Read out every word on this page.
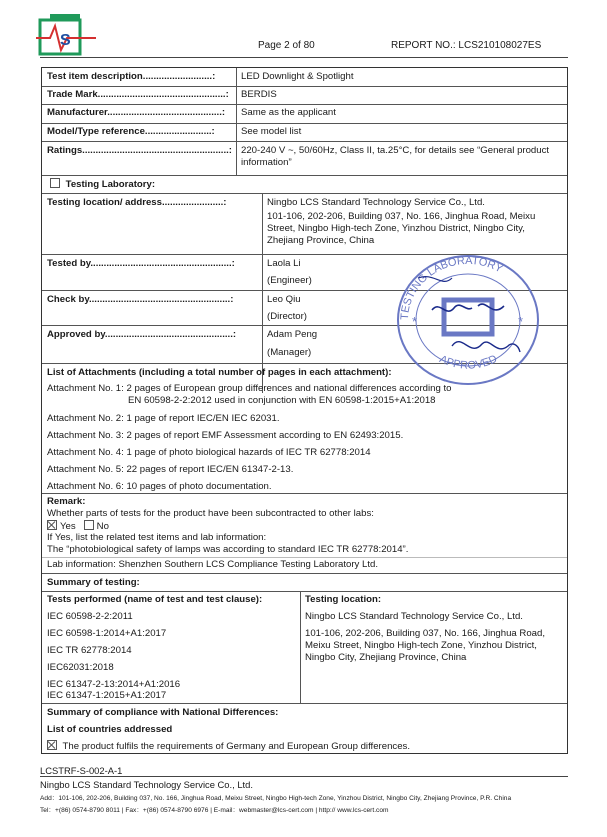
S	Page 2 of 80	REPORT NO.: LCS210108027ES
Test item description..........................:	LED Downlight & Spotlight
Trade Mark................................................: BERDIS
Manufacturer...........................................: Same as the applicant
Model/Type reference.........................:	See model list
Ratings.......................................................: 220-240 V ~, 50/60Hz, Class II, ta.25°C, for details see “General product information”
Testing Laboratory:
Testing location/ address.......................:	Ningbo LCS Standard Technology Service Co., Ltd.
101-106, 202-206, Building 037, No. 166, Jinghua Road, Meixu Street, Ningbo High-tech Zone, Yinzhou District, Ningbo City, Zhejiang Province, China
Tested by.....................................................:	Laola Li
(Engineer)
Check by.....................................................:	Leo Qiu
(Director)
Approved by................................................:	Adam Peng
(Manager)
List of Attachments (including a total number of pages in each attachment):
Attachment No. 1: 2 pages of European group differences and national differences according to
EN 60598-2-2:2012 used in conjunction with EN 60598-1:2015+A1:2018
Attachment No. 2: 1 page of report IEC/EN IEC 62031.
Attachment No. 3: 2 pages of report EMF Assessment according to EN 62493:2015.
Attachment No. 4: 1 page of photo biological hazards of IEC TR 62778:2014
Attachment No. 5: 22 pages of report IEC/EN 61347-2-13.
Attachment No. 6: 10 pages of photo documentation.
Remark:
Whether parts of tests for the product have been subcontracted to other labs:
Yes No
If Yes, list the related test items and lab information:
The “photobiological safety of lamps was according to standard IEC TR 62778:2014”.
Lab information: Shenzhen Southern LCS Compliance Testing Laboratory Ltd.
Summary of testing:
Tests performed (name of test and test clause):
IEC 60598-2-2:2011
IEC 60598-1:2014+A1:2017
IEC TR 62778:2014
IEC62031:2018
IEC 61347-2-13:2014+A1:2016
IEC 61347-1:2015+A1:2017
Testing location:
Ningbo LCS Standard Technology Service Co., Ltd.
101-106, 202-206, Building 037, No. 166, Jinghua Road, Meixu Street, Ningbo High-tech Zone, Yinzhou District, Ningbo City, Zhejiang Province, China
Summary of compliance with National Differences:
List of countries addressed
The product fulfils the requirements of Germany and European Group differences.
TESTING LABORATORY
APPROVED
*	*
LCSTRF-S-002-A-1
Ningbo LCS Standard Technology Service Co., Ltd.
Add：101-106, 202-206, Building 037, No. 166, Jinghua Road, Meixu Street, Ningbo High-tech Zone, Yinzhou District, Ningbo City, Zhejiang Province, P.R. China
Tel：+(86) 0574-8790 8011 | Fax：+(86) 0574-8790 6976 | E-mail：webmaster@lcs-cert.com | http:// www.lcs-cert.com
